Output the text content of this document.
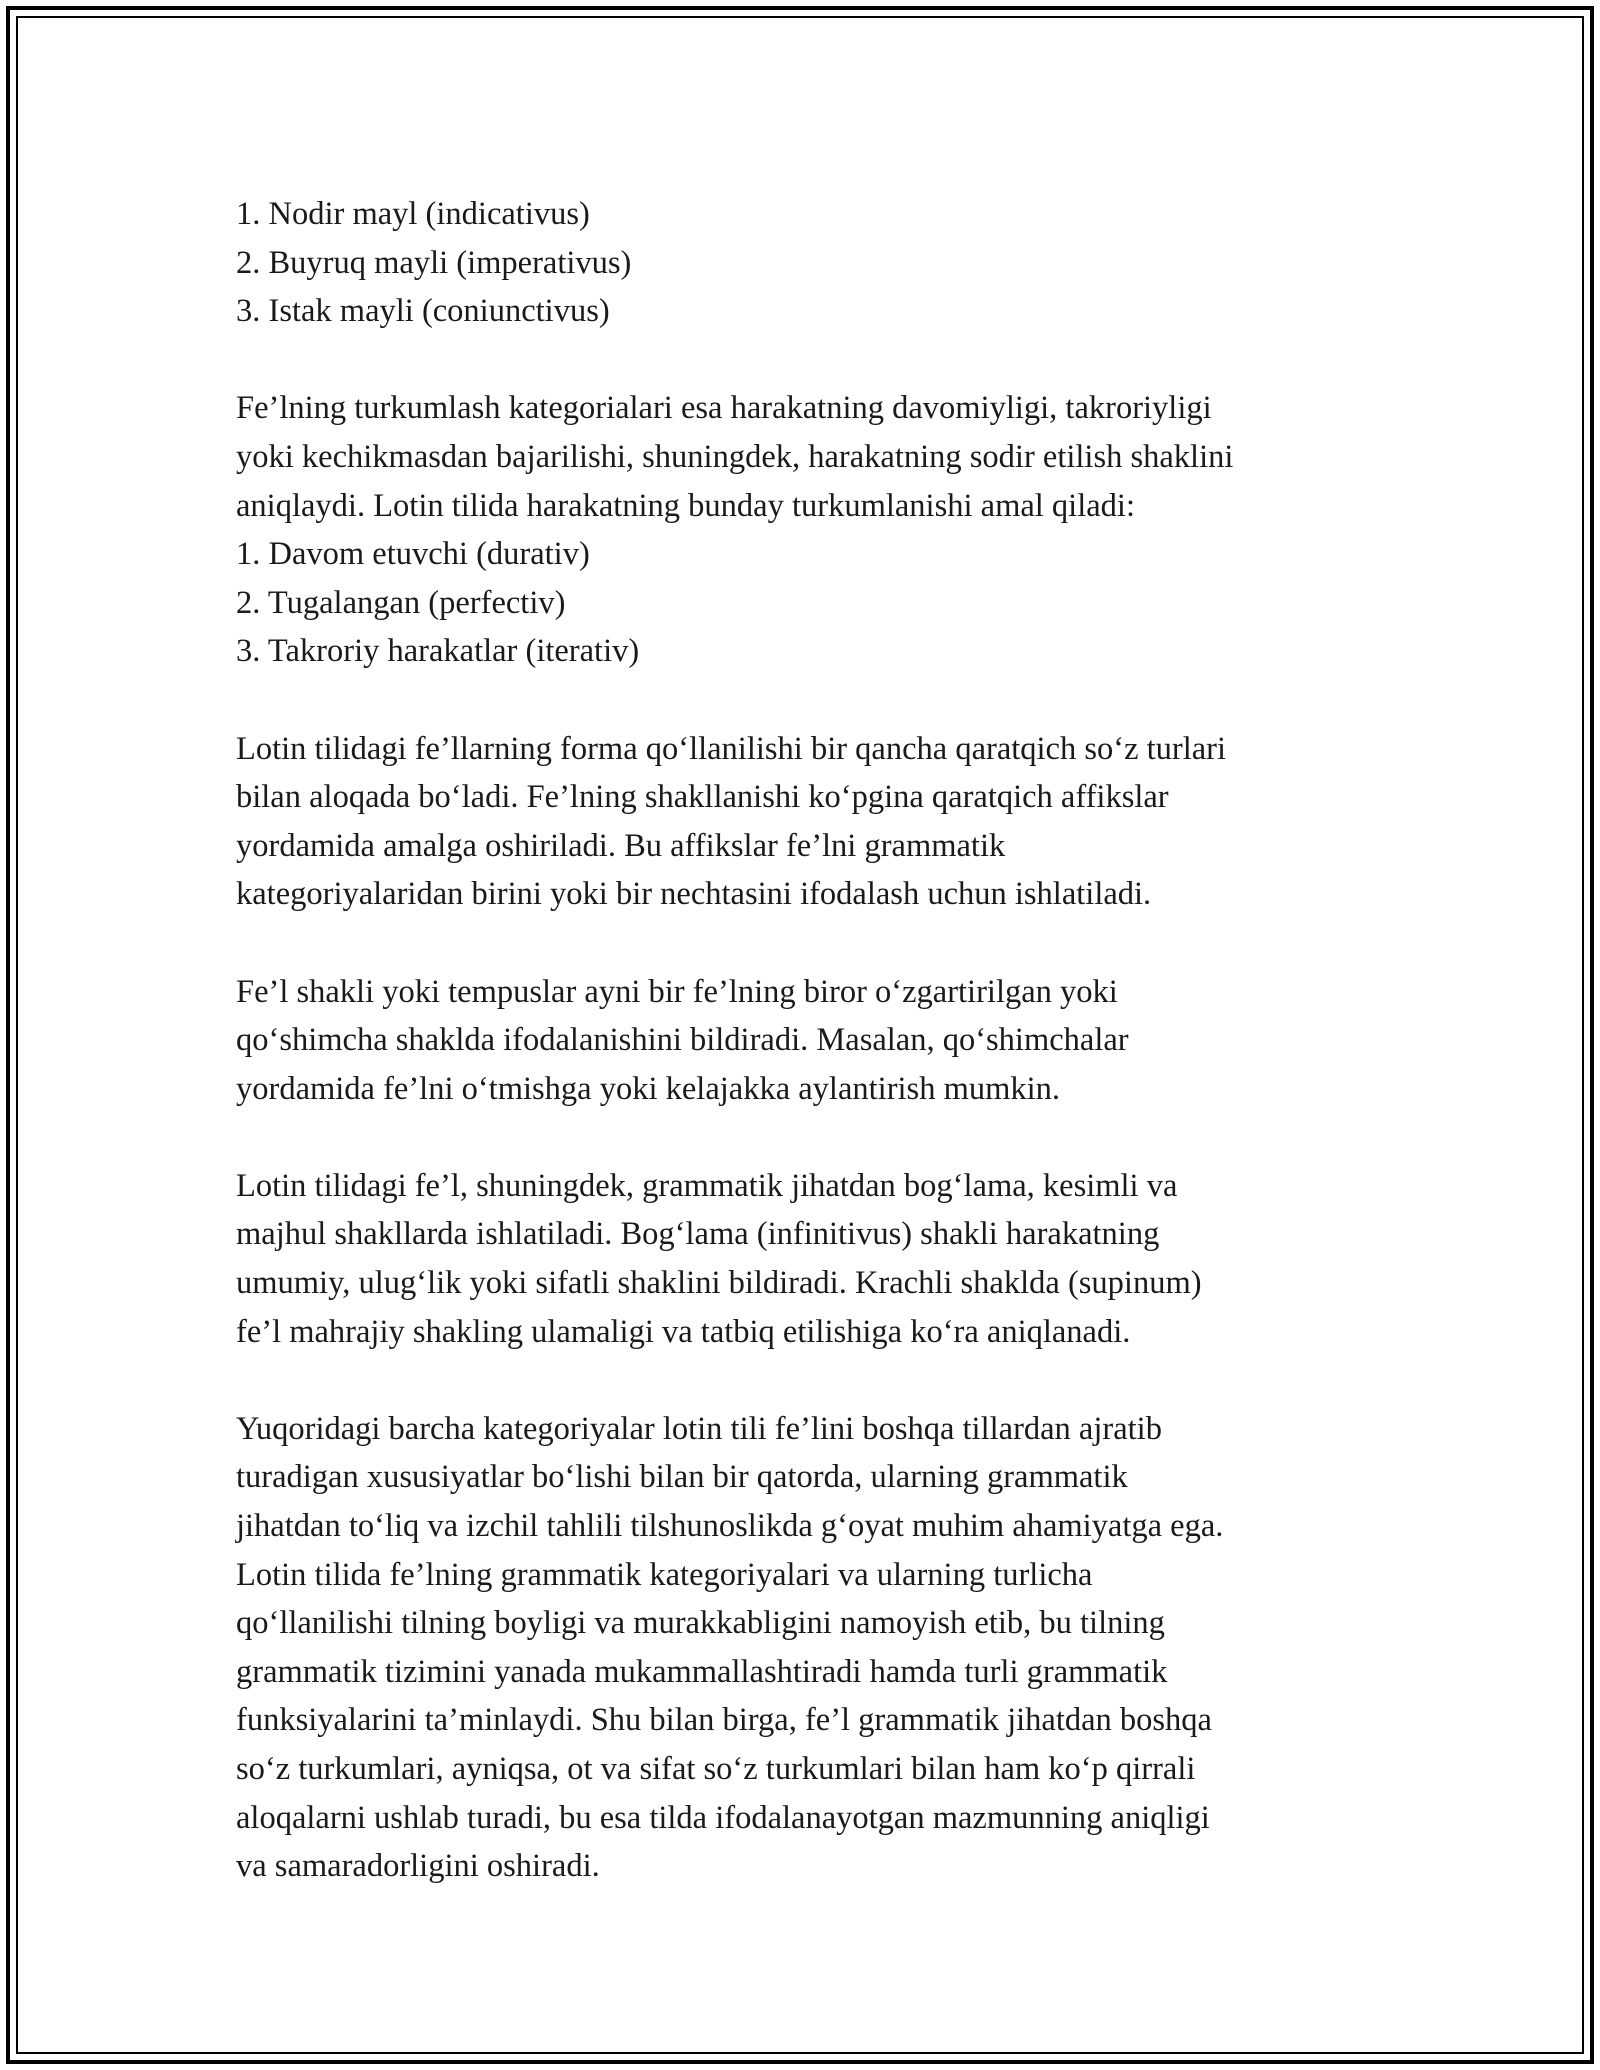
1. Nodir mayl (indicativus)
2. Buyruq mayli (imperativus)
3. Istak mayli (coniunctivus)
Fe’lning turkumlash kategorialari esa harakatning davomiyligi, takroriyligi
yoki kechikmasdan bajarilishi, shuningdek, harakatning sodir etilish shaklini
aniqlaydi. Lotin tilida harakatning bunday turkumlanishi amal qiladi:
1. Davom etuvchi (durativ)
2. Tugalangan (perfectiv)
3. Takroriy harakatlar (iterativ)
Lotin tilidagi fe’llarning forma qo‘llanilishi bir qancha qaratqich so‘z turlari
bilan aloqada bo‘ladi. Fe’lning shakllanishi ko‘pgina qaratqich affikslar
yordamida amalga oshiriladi. Bu affikslar fe’lni grammatik
kategoriyalaridan birini yoki bir nechtasini ifodalash uchun ishlatiladi.
Fe’l shakli yoki tempuslar ayni bir fe’lning biror o‘zgartirilgan yoki
qo‘shimcha shaklda ifodalanishini bildiradi. Masalan, qo‘shimchalar
yordamida fe’lni o‘tmishga yoki kelajakka aylantirish mumkin.
Lotin tilidagi fe’l, shuningdek, grammatik jihatdan bog‘lama, kesimli va
majhul shakllarda ishlatiladi. Bog‘lama (infinitivus) shakli harakatning
umumiy, ulug‘lik yoki sifatli shaklini bildiradi. Krachli shaklda (supinum)
fe’l mahrajiy shakling ulamaligi va tatbiq etilishiga ko‘ra aniqlanadi.
Yuqoridagi barcha kategoriyalar lotin tili fe’lini boshqa tillardan ajratib
turadigan xususiyatlar bo‘lishi bilan bir qatorda, ularning grammatik
jihatdan to‘liq va izchil tahlili tilshunoslikda g‘oyat muhim ahamiyatga ega.
Lotin tilida fe’lning grammatik kategoriyalari va ularning turlicha
qo‘llanilishi tilning boyligi va murakkabligini namoyish etib, bu tilning
grammatik tizimini yanada mukammallashtiradi hamda turli grammatik
funksiyalarini ta’minlaydi. Shu bilan birga, fe’l grammatik jihatdan boshqa
so‘z turkumlari, ayniqsa, ot va sifat so‘z turkumlari bilan ham ko‘p qirrali
aloqalarni ushlab turadi, bu esa tilda ifodalanayotgan mazmunning aniqligi
va samaradorligini oshiradi.
